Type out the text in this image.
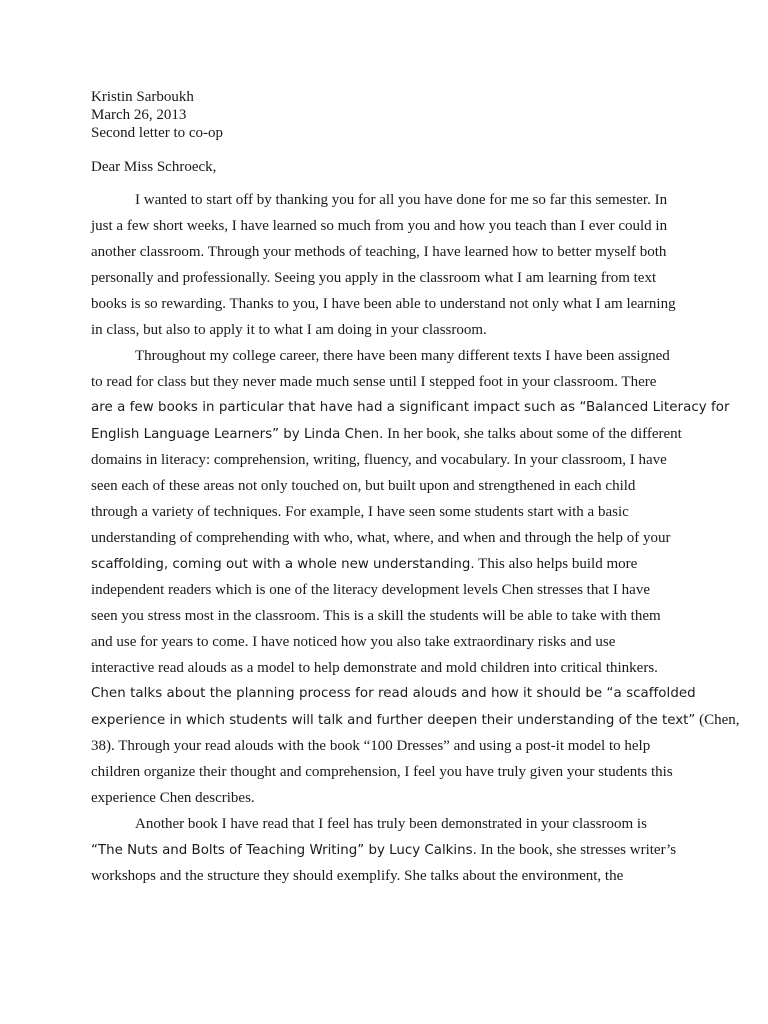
Kristin Sarboukh
March 26, 2013
Second letter to co-op
Dear Miss Schroeck,
I wanted to start off by thanking you for all you have done for me so far this semester. In
just a few short weeks, I have learned so much from you and how you teach than I ever could in
another classroom. Through your methods of teaching, I have learned how to better myself both
personally and professionally. Seeing you apply in the classroom what I am learning from text
books is so rewarding. Thanks to you, I have been able to understand not only what I am learning
in class, but also to apply it to what I am doing in your classroom.
Throughout my college career, there have been many different texts I have been assigned
to read for class but they never made much sense until I stepped foot in your classroom. There
are a few books in particular that have had a significant impact such as “Balanced Literacy for
English Language Learners” by Linda Chen. In her book, she talks about some of the different
domains in literacy: comprehension, writing, fluency, and vocabulary. In your classroom, I have
seen each of these areas not only touched on, but built upon and strengthened in each child
through a variety of techniques. For example, I have seen some students start with a basic
understanding of comprehending with who, what, where, and when and through the help of your
scaffolding, coming out with a whole new understanding. This also helps build more
independent readers which is one of the literacy development levels Chen stresses that I have
seen you stress most in the classroom. This is a skill the students will be able to take with them
and use for years to come. I have noticed how you also take extraordinary risks and use
interactive read alouds as a model to help demonstrate and mold children into critical thinkers.
Chen talks about the planning process for read alouds and how it should be “a scaffolded
experience in which students will talk and further deepen their understanding of the text” (Chen,
38). Through your read alouds with the book “100 Dresses” and using a post-it model to help
children organize their thought and comprehension, I feel you have truly given your students this
experience Chen describes.
Another book I have read that I feel has truly been demonstrated in your classroom is
“The Nuts and Bolts of Teaching Writing” by Lucy Calkins. In the book, she stresses writer’s
workshops and the structure they should exemplify. She talks about the environment, the
